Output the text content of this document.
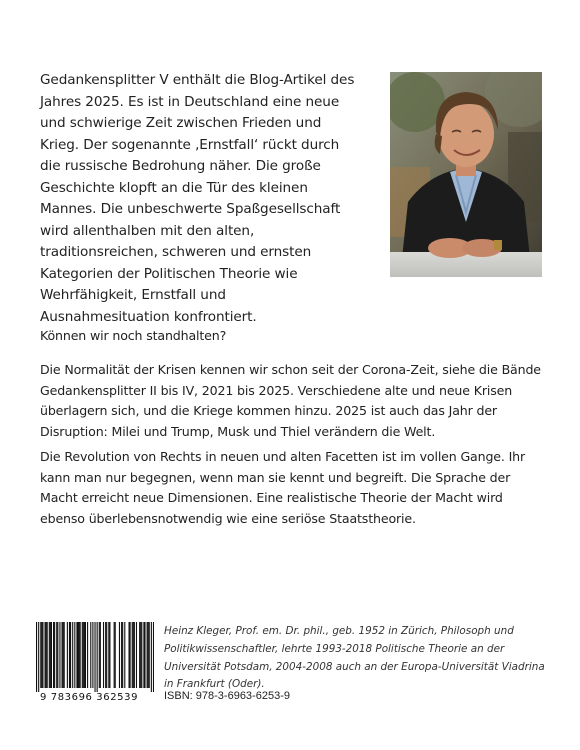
Gedankensplitter V enthält die Blog-Artikel des Jahres 2025. Es ist in Deutschland eine neue und schwierige Zeit zwischen Frieden und Krieg. Der sogenannte ‚Ernstfall‘ rückt durch die russische Bedrohung näher. Die große Geschichte klopft an die Tür des kleinen Mannes. Die unbeschwerte Spaßgesellschaft wird allenthalben mit den alten, traditionsreichen, schweren und ernsten Kategorien der Politischen Theorie wie Wehrfähigkeit, Ernstfall und Ausnahmesituation konfrontiert.

Können wir noch standhalten?

Die Normalität der Krisen kennen wir schon seit der Corona-Zeit, siehe die Bände Gedankensplitter II bis IV, 2021 bis 2025. Verschiedene alte und neue Krisen überlagern sich, und die Kriege kommen hinzu. 2025 ist auch das Jahr der Disruption: Milei und Trump, Musk und Thiel verändern die Welt.

Die Revolution von Rechts in neuen und alten Facetten ist im vollen Gange. Ihr kann man nur begegnen, wenn man sie kennt und begreift. Die Sprache der Macht erreicht neue Dimensionen. Eine realistische Theorie der Macht wird ebenso überlebensnotwendig wie eine seriöse Staatstheorie.

9 783696 362539
Heinz Kleger, Prof. em. Dr. phil., geb. 1952 in Zürich, Philosoph und Politikwissenschaftler, lehrte 1993-2018 Politische Theorie an der Universität Potsdam, 2004-2008 auch an der Europa-Universität Viadrina in Frankfurt (Oder).
ISBN: 978-3-6963-6253-9
